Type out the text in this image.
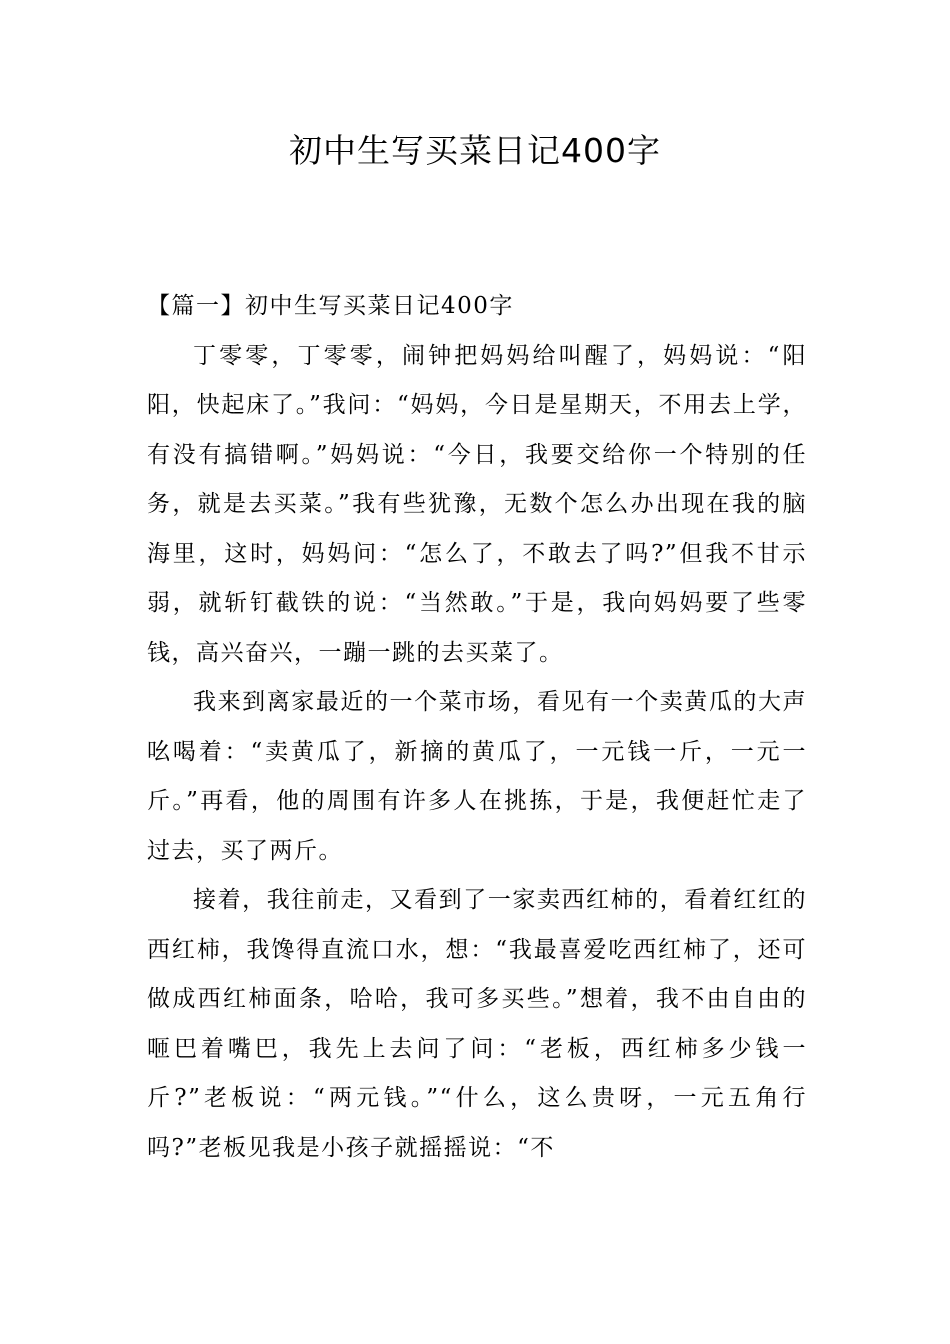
初中生写买菜日记400字

【篇一】初中生写买菜日记400字

丁零零，丁零零，闹钟把妈妈给叫醒了，妈妈说：“阳阳，快起床了。”我问：“妈妈，今日是星期天，不用去上学，有没有搞错啊。”妈妈说：“今日，我要交给你一个特别的任务，就是去买菜。”我有些犹豫，无数个怎么办出现在我的脑海里，这时，妈妈问：“怎么了，不敢去了吗?”但我不甘示弱，就斩钉截铁的说：“当然敢。”于是，我向妈妈要了些零钱，高兴奋兴，一蹦一跳的去买菜了。

我来到离家最近的一个菜市场，看见有一个卖黄瓜的大声吆喝着：“卖黄瓜了，新摘的黄瓜了，一元钱一斤，一元一斤。”再看，他的周围有许多人在挑拣，于是，我便赶忙走了过去，买了两斤。

接着，我往前走，又看到了一家卖西红柿的，看着红红的西红柿，我馋得直流口水，想：“我最喜爱吃西红柿了，还可做成西红柿面条，哈哈，我可多买些。”想着，我不由自由的咂巴着嘴巴，我先上去问了问：“老板，西红柿多少钱一斤?”老板说：“两元钱。”“什么，这么贵呀，一元五角行吗?”老板见我是小孩子就摇摇说：“不
